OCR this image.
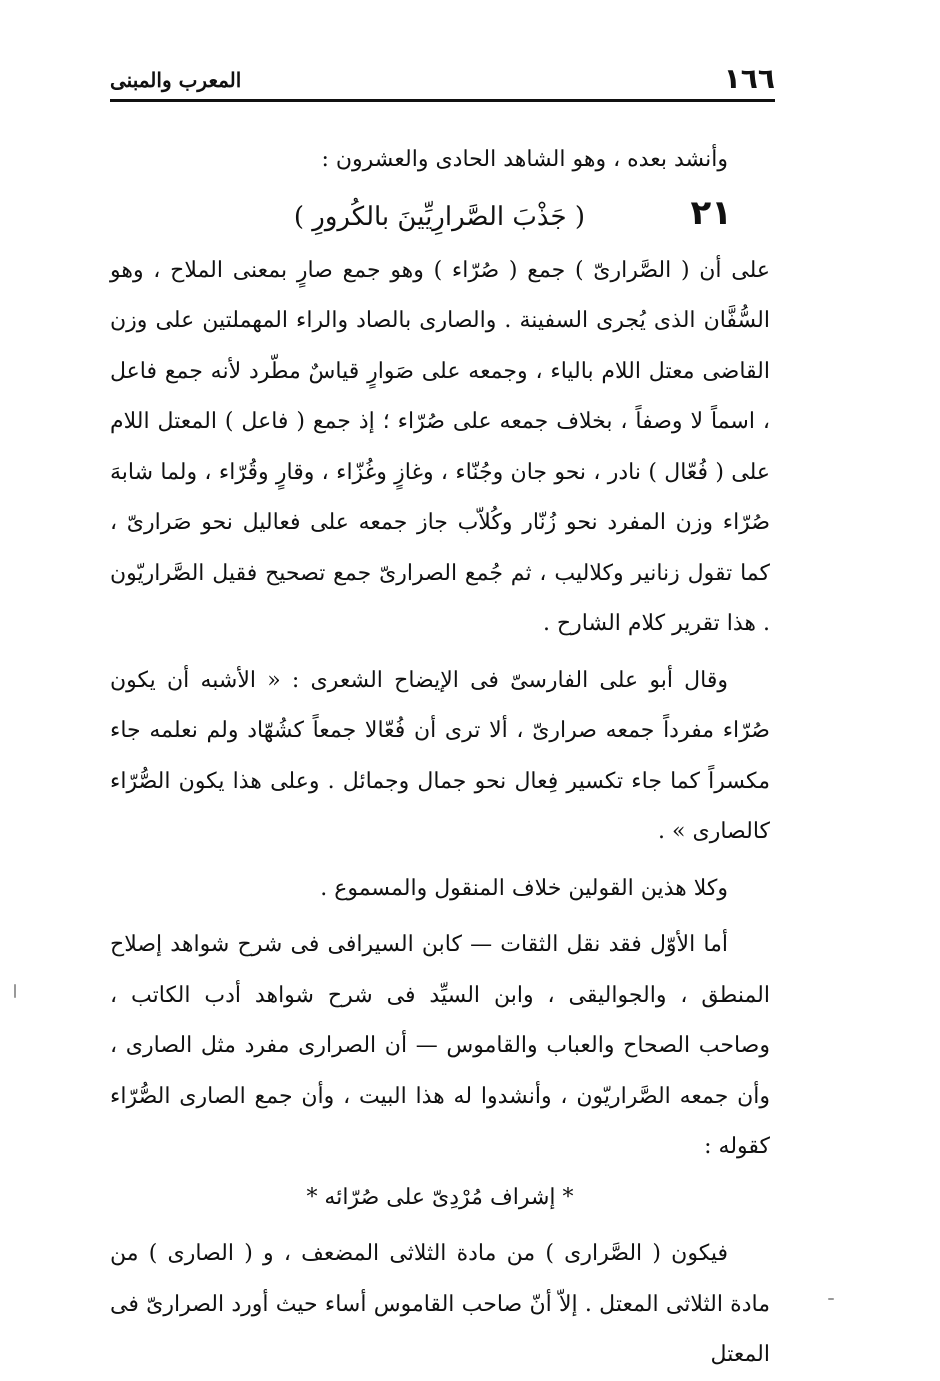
١٦٦
المعرب والمبنى

وأنشد بعده ، وهو الشاهد الحادى والعشرون :

٢١
( جَذْبَ الصَّرارِيِّينَ بالكُرورِ )

على أن ( الصَّرارىّ ) جمع ( صُرّاء ) وهو جمع صارٍ بمعنى الملاح ، وهو السُّفَّان الذى يُجرى السفينة . والصارى بالصاد والراء المهملتين على وزن القاضى معتل اللام بالياء ، وجمعه على صَوارٍ قياسٌ مطّرد لأنه جمع فاعل ، اسماً لا وصفاً ، بخلاف جمعه على صُرّاء ؛ إذ جمع ( فاعل ) المعتل اللام على ( فُعّال ) نادر ، نحو جان وجُنّاء ، وغازٍ وغُزّاء ، وقارٍ وقُرّاء ، ولما شابهَ صُرّاء وزن المفرد نحو زُنّار وكُلاّب جاز جمعه على فعاليل نحو صَرارىّ ، كما تقول زنانير وكلاليب ، ثم جُمع الصرارىّ جمع تصحيح فقيل الصَّراريّون . هذا تقرير كلام الشارح .

وقال أبو على الفارسىّ فى الإيضاح الشعرى : « الأشبه أن يكون صُرّاء مفرداً جمعه صرارىّ ، ألا ترى أن فُعّالا جمعاً كشُهّاد ولم نعلمه جاء مكسراً كما جاء تكسير فِعال نحو جمال وجمائل . وعلى هذا يكون الصُّرّاء كالصارى » .

وكلا هذين القولين خلاف المنقول والمسموع .

أما الأوّل فقد نقل الثقات — كابن السيرافى فى شرح شواهد إصلاح المنطق ، والجواليقى ، وابن السيِّد فى شرح شواهد أدب الكاتب ، وصاحب الصحاح والعباب والقاموس — أن الصرارى مفرد مثل الصارى ، وأن جمعه الصَّراريّون ، وأنشدوا له هذا البيت ، وأن جمع الصارى الصُّرّاء كقوله :

* إشراف مُرْدِىّ على صُرّائه *

فيكون ( الصَّرارى ) من مادة الثلاثى المضعف ، و ( الصارى ) من مادة الثلاثى المعتل . إلاّ أنّ صاحب القاموس أساء حيث أورد الصرارىّ فى المعتل
